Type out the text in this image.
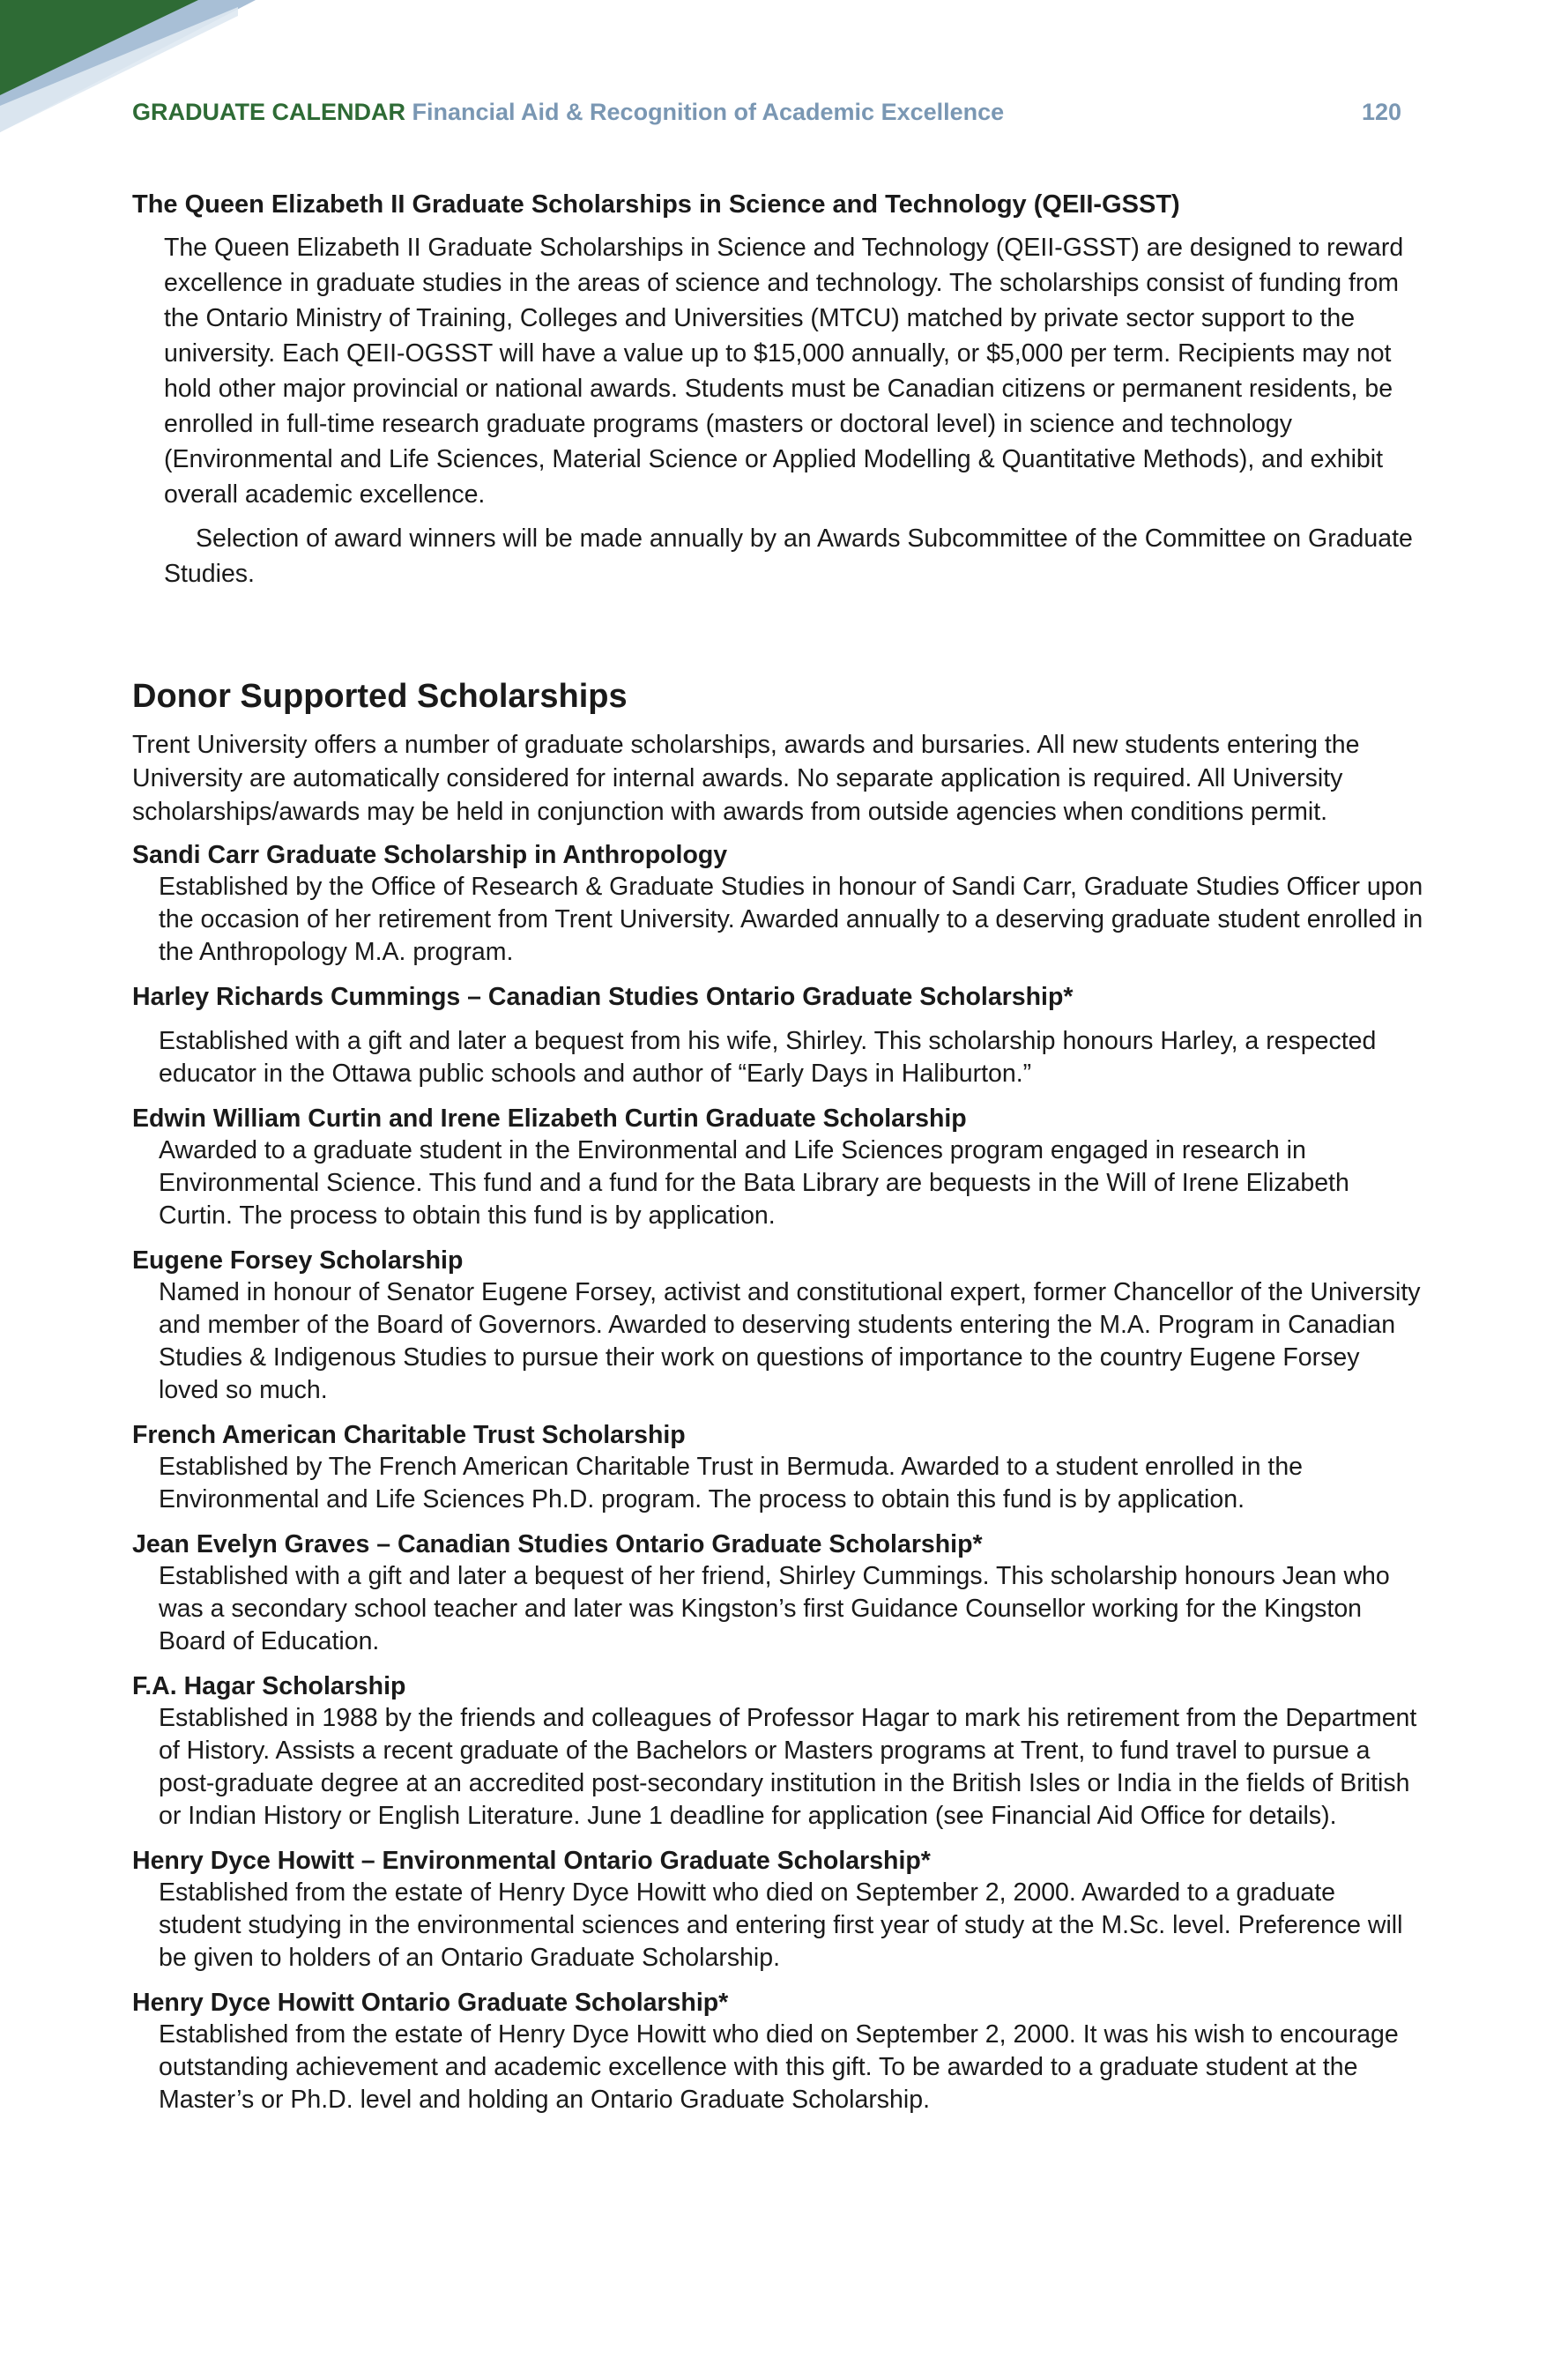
GRADUATE CALENDAR Financial Aid & Recognition of Academic Excellence	120
The Queen Elizabeth II Graduate Scholarships in Science and Technology (QEII-GSST)

The Queen Elizabeth II Graduate Scholarships in Science and Technology (QEII-GSST) are designed to reward excellence in graduate studies in the areas of science and technology. The scholarships consist of funding from the Ontario Ministry of Training, Colleges and Universities (MTCU) matched by private sector support to the university. Each QEII-OGSST will have a value up to $15,000 annually, or $5,000 per term. Recipients may not hold other major provincial or national awards. Students must be Canadian citizens or permanent residents, be enrolled in full-time research graduate programs (masters or doctoral level) in science and technology (Environmental and Life Sciences, Material Science or Applied Modelling & Quantitative Methods), and exhibit overall academic excellence.

Selection of award winners will be made annually by an Awards Subcommittee of the Committee on Graduate Studies.

Donor Supported Scholarships

Trent University offers a number of graduate scholarships, awards and bursaries. All new students entering the University are automatically considered for internal awards. No separate application is required. All University scholarships/awards may be held in conjunction with awards from outside agencies when conditions permit.

Sandi Carr Graduate Scholarship in Anthropology
Established by the Office of Research & Graduate Studies in honour of Sandi Carr, Graduate Studies Officer upon the occasion of her retirement from Trent University. Awarded annually to a deserving graduate student enrolled in the Anthropology M.A. program.
Harley Richards Cummings – Canadian Studies Ontario Graduate Scholarship*
Established with a gift and later a bequest from his wife, Shirley. This scholarship honours Harley, a respected educator in the Ottawa public schools and author of “Early Days in Haliburton.”
Edwin William Curtin and Irene Elizabeth Curtin Graduate Scholarship
Awarded to a graduate student in the Environmental and Life Sciences program engaged in research in Environmental Science. This fund and a fund for the Bata Library are bequests in the Will of Irene Elizabeth Curtin. The process to obtain this fund is by application.
Eugene Forsey Scholarship
Named in honour of Senator Eugene Forsey, activist and constitutional expert, former Chancellor of the University and member of the Board of Governors. Awarded to deserving students entering the M.A. Program in Canadian Studies & Indigenous Studies to pursue their work on questions of importance to the country Eugene Forsey loved so much.
French American Charitable Trust Scholarship
Established by The French American Charitable Trust in Bermuda. Awarded to a student enrolled in the Environmental and Life Sciences Ph.D. program. The process to obtain this fund is by application.
Jean Evelyn Graves – Canadian Studies Ontario Graduate Scholarship*
Established with a gift and later a bequest of her friend, Shirley Cummings. This scholarship honours Jean who was a secondary school teacher and later was Kingston’s first Guidance Counsellor working for the Kingston Board of Education.
F.A. Hagar Scholarship
Established in 1988 by the friends and colleagues of Professor Hagar to mark his retirement from the Department of History. Assists a recent graduate of the Bachelors or Masters programs at Trent, to fund travel to pursue a post-graduate degree at an accredited post-secondary institution in the British Isles or India in the fields of British or Indian History or English Literature. June 1 deadline for application (see Financial Aid Office for details).
Henry Dyce Howitt – Environmental Ontario Graduate Scholarship*
Established from the estate of Henry Dyce Howitt who died on September 2, 2000. Awarded to a graduate student studying in the environmental sciences and entering first year of study at the M.Sc. level. Preference will be given to holders of an Ontario Graduate Scholarship.
Henry Dyce Howitt Ontario Graduate Scholarship*
Established from the estate of Henry Dyce Howitt who died on September 2, 2000. It was his wish to encourage outstanding achievement and academic excellence with this gift. To be awarded to a graduate student at the Master’s or Ph.D. level and holding an Ontario Graduate Scholarship.
